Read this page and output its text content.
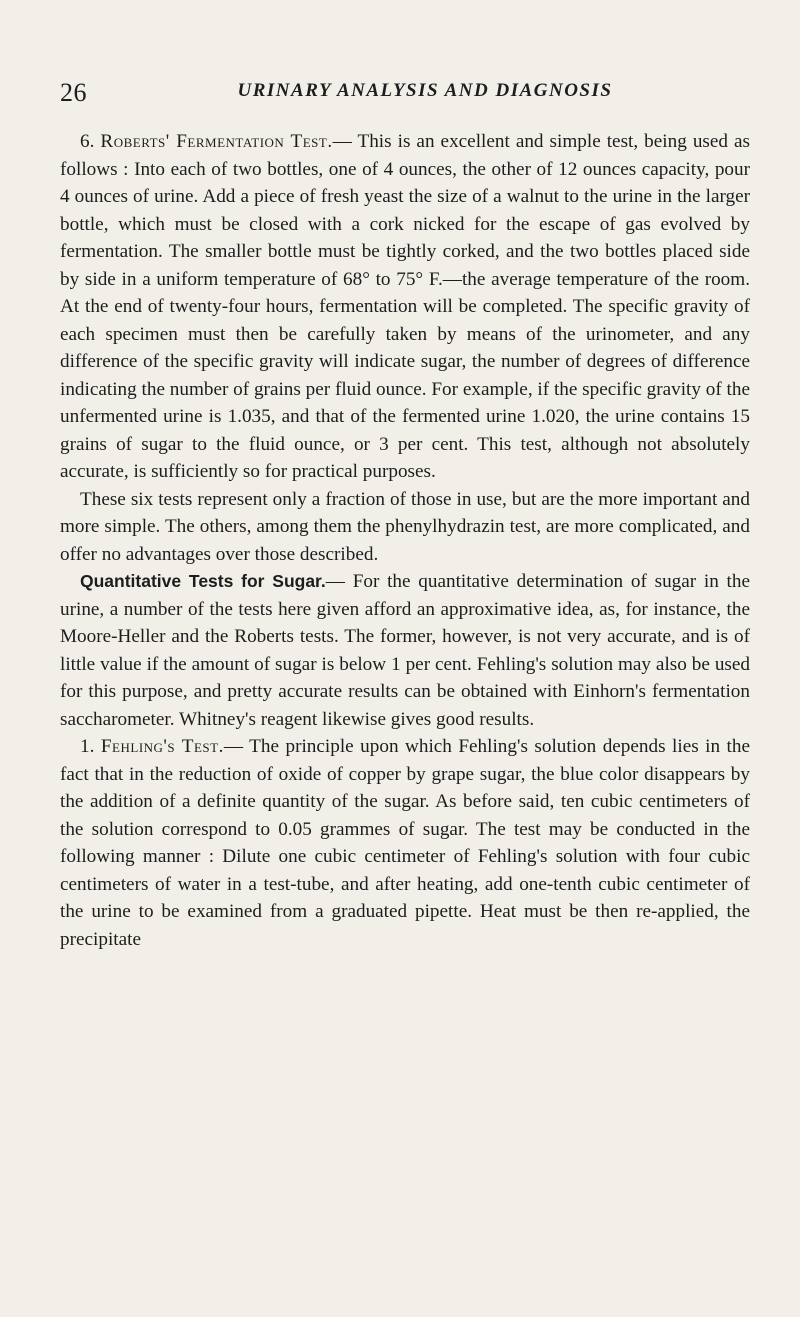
26	URINARY ANALYSIS AND DIAGNOSIS

6. Roberts' Fermentation Test.— This is an excellent and simple test, being used as follows : Into each of two bottles, one of 4 ounces, the other of 12 ounces capacity, pour 4 ounces of urine. Add a piece of fresh yeast the size of a walnut to the urine in the larger bottle, which must be closed with a cork nicked for the escape of gas evolved by fermentation. The smaller bottle must be tightly corked, and the two bottles placed side by side in a uniform temperature of 68° to 75° F.—the average temperature of the room. At the end of twenty-four hours, fermentation will be completed. The specific gravity of each specimen must then be carefully taken by means of the urinometer, and any difference of the specific gravity will indicate sugar, the number of degrees of difference indicating the number of grains per fluid ounce. For example, if the specific gravity of the unfermented urine is 1.035, and that of the fermented urine 1.020, the urine contains 15 grains of sugar to the fluid ounce, or 3 per cent. This test, although not absolutely accurate, is sufficiently so for practical purposes.

These six tests represent only a fraction of those in use, but are the more important and more simple. The others, among them the phenylhydrazin test, are more complicated, and offer no advantages over those described.

Quantitative Tests for Sugar.— For the quantitative determination of sugar in the urine, a number of the tests here given afford an approximative idea, as, for instance, the Moore-Heller and the Roberts tests. The former, however, is not very accurate, and is of little value if the amount of sugar is below 1 per cent. Fehling's solution may also be used for this purpose, and pretty accurate results can be obtained with Einhorn's fermentation saccharometer. Whitney's reagent likewise gives good results.

1. Fehling's Test.— The principle upon which Fehling's solution depends lies in the fact that in the reduction of oxide of copper by grape sugar, the blue color disappears by the addition of a definite quantity of the sugar. As before said, ten cubic centimeters of the solution correspond to 0.05 grammes of sugar. The test may be conducted in the following manner : Dilute one cubic centimeter of Fehling's solution with four cubic centimeters of water in a test-tube, and after heating, add one-tenth cubic centimeter of the urine to be examined from a graduated pipette. Heat must be then re-applied, the precipitate
